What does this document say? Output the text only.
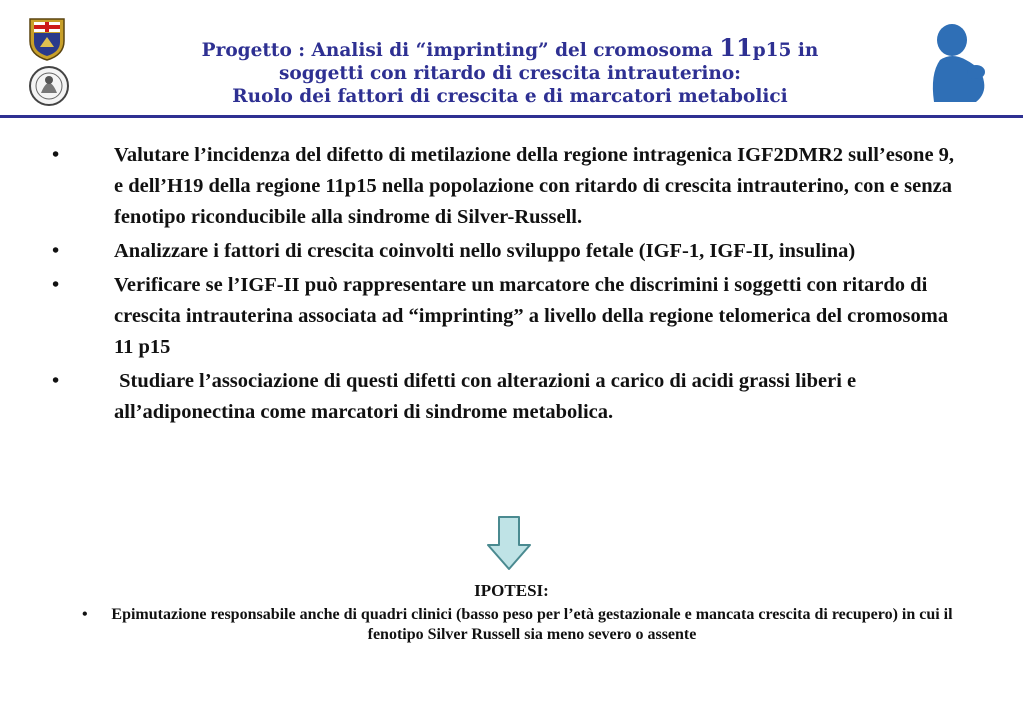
Progetto : Analisi di “imprinting” del cromosoma 11p15 in
soggetti con ritardo di crescita intrauterino:
Ruolo dei fattori di crescita e di marcatori metabolici
•	Valutare l’incidenza del difetto di metilazione della regione intragenica IGF2DMR2 sull’esone 9, e dell’H19 della regione 11p15 nella popolazione con ritardo di crescita intrauterino, con e senza fenotipo riconducibile alla sindrome di Silver-Russell.
•	Analizzare i fattori di crescita coinvolti nello sviluppo fetale (IGF-1, IGF-II, insulina)
•	Verificare se l’IGF-II può rappresentare un marcatore che discrimini i soggetti con ritardo di crescita intrauterina associata ad “imprinting” a livello della regione telomerica del cromosoma 11 p15
•	Studiare l’associazione di questi difetti con alterazioni a carico di acidi grassi liberi e all’adiponectina come marcatori di sindrome metabolica.
IPOTESI:
•	Epimutazione responsabile anche di quadri clinici (basso peso per l’età gestazionale e mancata crescita di recupero) in cui il fenotipo Silver Russell sia meno severo o assente
